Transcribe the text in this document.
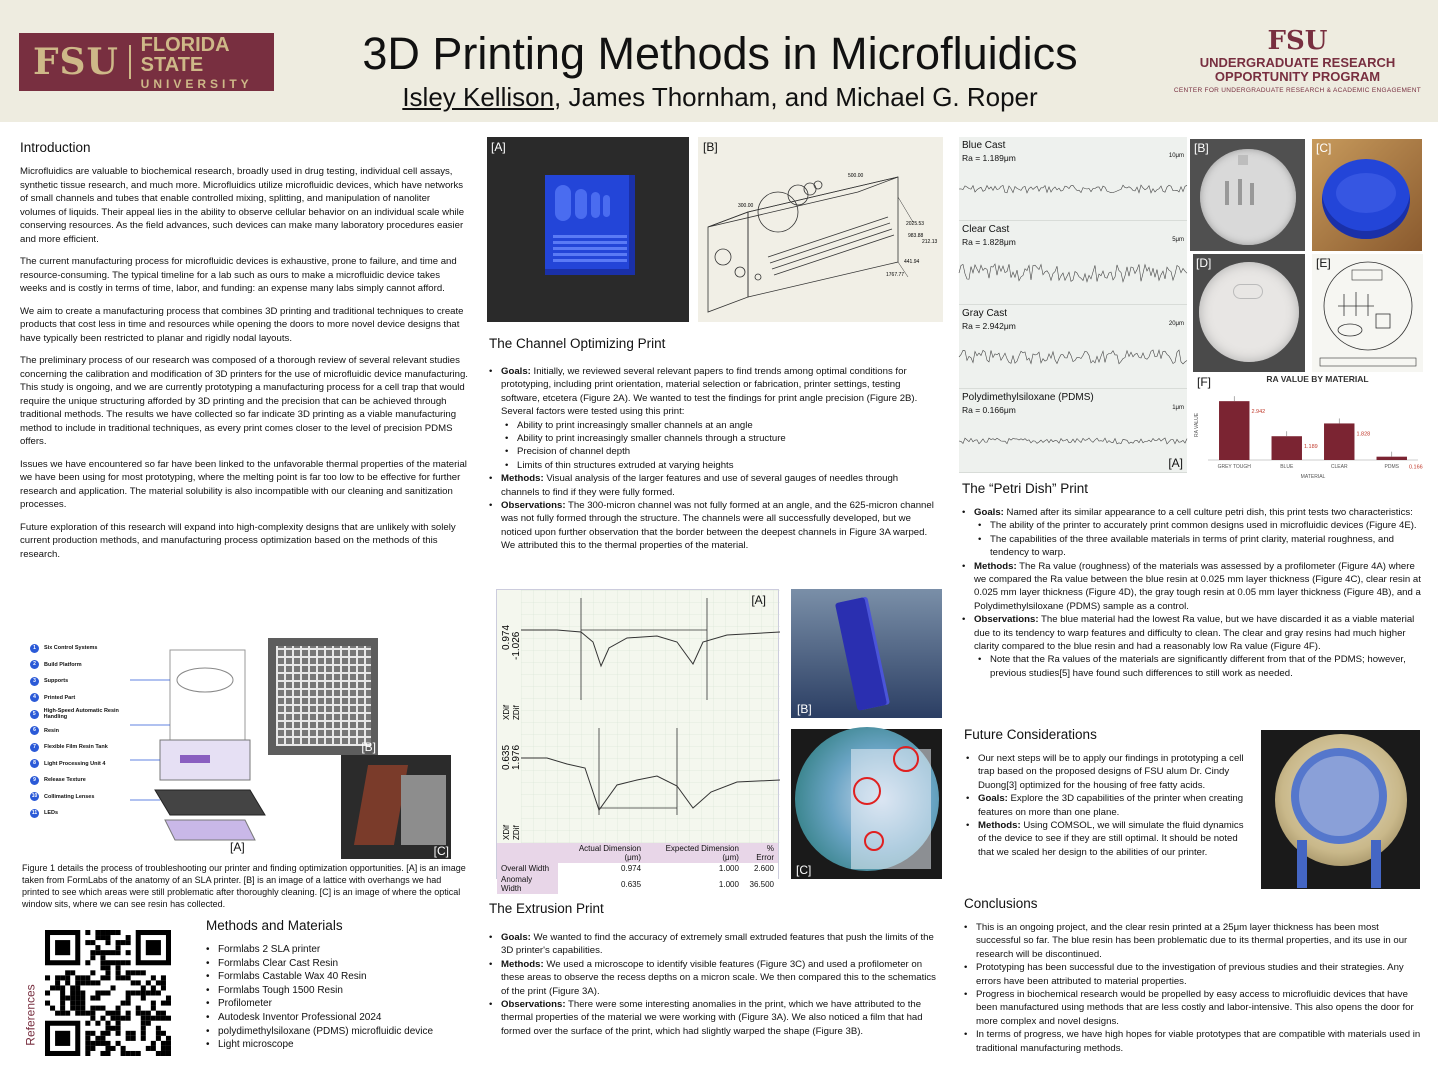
FSU FLORIDA STATE
UNIVERSITY
3D Printing Methods in Microfluidics
Isley Kellison, James Thornham, and Michael G. Roper
FSU
UNDERGRADUATE RESEARCH
OPPORTUNITY PROGRAM
CENTER FOR UNDERGRADUATE RESEARCH & ACADEMIC ENGAGEMENT
Introduction

Microfluidics are valuable to biochemical research, broadly used in drug testing, individual cell assays, synthetic tissue research, and much more. Microfluidics utilize microfluidic devices, which have networks of small channels and tubes that enable controlled mixing, splitting, and manipulation of nanoliter volumes of liquids. Their appeal lies in the ability to observe cellular behavior on an individual scale while conserving resources. As the field advances, such devices can make many laboratory procedures easier and more efficient.

The current manufacturing process for microfluidic devices is exhaustive, prone to failure, and time and resource-consuming. The typical timeline for a lab such as ours to make a microfluidic device takes weeks and is costly in terms of time, labor, and funding: an expense many labs simply cannot afford.

We aim to create a manufacturing process that combines 3D printing and traditional techniques to create products that cost less in time and resources while opening the doors to more novel device designs that have typically been restricted to planar and rigidly nodal layouts.

The preliminary process of our research was composed of a thorough review of several relevant studies concerning the calibration and modification of 3D printers for the use of microfluidic device manufacturing. This study is ongoing, and we are currently prototyping a manufacturing process for a cell trap that would require the unique structuring afforded by 3D printing and the precision that can be achieved through traditional methods. The results we have collected so far indicate 3D printing as a viable manufacturing method to include in traditional techniques, as every print comes closer to the level of precision PDMS offers.

Issues we have encountered so far have been linked to the unfavorable thermal properties of the material we have been using for most prototyping, where the melting point is far too low to be effective for further research and application. The material solubility is also incompatible with our cleaning and sanitization processes.

Future exploration of this research will expand into high-complexity designs that are unlikely with solely current production methods, and manufacturing process optimization based on the methods of this research.

1	Six Control Systems
2	Build Platform
3	Supports
4	Printed Part
5	High-Speed Automatic Resin Handling
6	Resin
7	Flexible Film Resin Tank
8	Light Processing Unit 4
9	Release Texture
10	Collimating Lenses
11	LEDs
[A]
[B]
[C]
Figure 1 details the process of troubleshooting our printer and finding optimization opportunities. [A] is an image taken from FormLabs of the anatomy of an SLA printer. [B] is an image of a lattice with overhangs we had printed to see which areas were still problematic after thoroughly cleaning. [C] is an image of where the optical window sits, where we can see resin has collected.
References
Methods and Materials
• Formlabs 2 SLA printer
• Formlabs Clear Cast Resin
• Formlabs Castable Wax 40 Resin
• Formlabs Tough 1500 Resin
• Profilometer
• Autodesk Inventor Professional 2024
• polydimethylsiloxane (PDMS) microfluidic device
• Light microscope
[A]
2025.53
983.88
212.13
441.94
1767.77
300.00
500.00
[B]
The Channel Optimizing Print
• Goals: Initially, we reviewed several relevant papers to find trends among optimal conditions for prototyping, including print orientation, material selection or fabrication, printer settings, testing software, etcetera (Figure 2A). We wanted to test the findings for print angle precision (Figure 2B). Several factors were tested using this print:
• Ability to print increasingly smaller channels at an angle
• Ability to print increasingly smaller channels through a structure
• Precision of channel depth
• Limits of thin structures extruded at varying heights
• Methods: Visual analysis of the larger features and use of several gauges of needles through channels to find if they were fully formed.
• Observations: The 300-micron channel was not fully formed at an angle, and the 625-micron channel was not fully formed through the structure. The channels were all successfully developed, but we noticed upon further observation that the border between the deepest channels in Figure 3A warped. We attributed this to the thermal properties of the material.
0.974 -1.026
0.635 1.976
XDif ZDif
XDif ZDif
[A]
	Actual Dimension (μm)	Expected Dimension (μm)	% Error
Overall Width	0.974	1.000	2.600
Anomaly Width	0.635	1.000	36.500
[B]
[C]
The Extrusion Print
• Goals: We wanted to find the accuracy of extremely small extruded features that push the limits of the 3D printer's capabilities.
• Methods: We used a microscope to identify visible features (Figure 3C) and used a profilometer on these areas to observe the recess depths on a micron scale. We then compared this to the schematics of the print (Figure 3A).
• Observations: There were some interesting anomalies in the print, which we have attributed to the thermal properties of the material we were working with (Figure 3A). We also noticed a film that had formed over the surface of the print, which had slightly warped the shape (Figure 3B).
Blue Cast
Ra = 1.189μm	10μm
Clear Cast
Ra = 1.828μm	5μm
Gray Cast
Ra = 2.942μm	20μm
Polydimethylsiloxane (PDMS)
Ra = 0.166μm	1μm
[A]
[B]	[C]
[D]	[E]
[F]	RA VALUE BY MATERIAL
RA VALUE
MATERIAL
2.942
GREY TOUGH
1.189
BLUE
1.828
CLEAR	0.166
PDMS
The “Petri Dish” Print
• Goals: Named after its similar appearance to a cell culture petri dish, this print tests two characteristics:
• The ability of the printer to accurately print common designs used in microfluidic devices (Figure 4E).
• The capabilities of the three available materials in terms of print clarity, material roughness, and tendency to warp.
• Methods: The Ra value (roughness) of the materials was assessed by a profilometer (Figure 4A) where we compared the Ra value between the blue resin at 0.025 mm layer thickness (Figure 4C), clear resin at 0.025 mm layer thickness (Figure 4D), the gray tough resin at 0.05 mm layer thickness (Figure 4B), and a Polydimethylsiloxane (PDMS) sample as a control.
• Observations: The blue material had the lowest Ra value, but we have discarded it as a viable material due to its tendency to warp features and difficulty to clean. The clear and gray resins had much higher clarity compared to the blue resin and had a reasonably low Ra value (Figure 4F).
• Note that the Ra values of the materials are significantly different from that of the PDMS; however, previous studies[5] have found such differences to still work as needed.
Future Considerations
• Our next steps will be to apply our findings in prototyping a cell trap based on the proposed designs of FSU alum Dr. Cindy Duong[3] optimized for the housing of free fatty acids.
• Goals: Explore the 3D capabilities of the printer when creating features on more than one plane.
• Methods: Using COMSOL, we will simulate the fluid dynamics of the device to see if they are still optimal. It should be noted that we scaled her design to the abilities of our printer.
Conclusions
• This is an ongoing project, and the clear resin printed at a 25μm layer thickness has been most successful so far. The blue resin has been problematic due to its thermal properties, and its use in our research will be discontinued.
• Prototyping has been successful due to the investigation of previous studies and their strategies. Any errors have been attributed to material properties.
• Progress in biochemical research would be propelled by easy access to microfluidic devices that have been manufactured using methods that are less costly and labor-intensive. This also opens the door for more complex and novel designs.
• In terms of progress, we have high hopes for viable prototypes that are compatible with materials used in traditional manufacturing methods.
